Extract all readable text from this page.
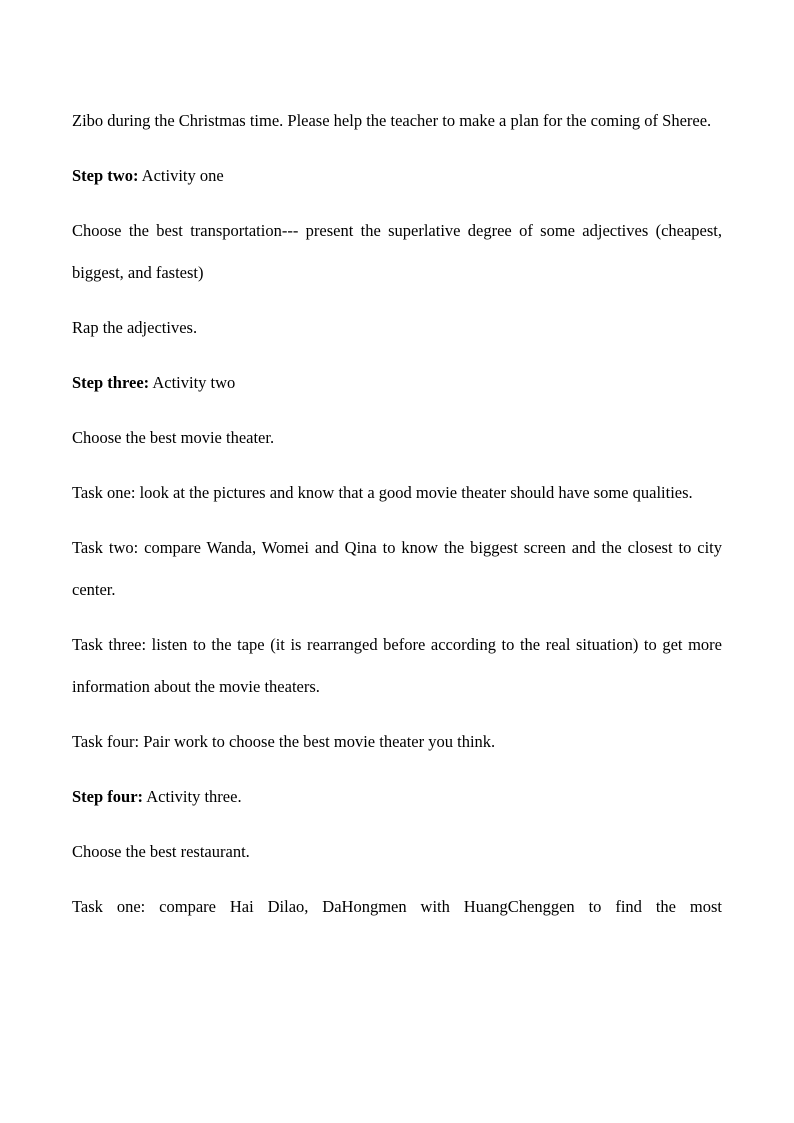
Zibo during the Christmas time. Please help the teacher to make a plan for the coming of Sheree.

Step two: Activity one

Choose the best transportation--- present the superlative degree of some adjectives (cheapest, biggest, and fastest)

Rap the adjectives.

Step three: Activity two

Choose the best movie theater.

Task one: look at the pictures and know that a good movie theater should have some qualities.

Task two: compare Wanda, Womei and Qina to know the biggest screen and the closest to city center.

Task three: listen to the tape (it is rearranged before according to the real situation) to get more information about the movie theaters.

Task four: Pair work to choose the best movie theater you think.

Step four: Activity three.

Choose the best restaurant.

Task one: compare Hai Dilao, DaHongmen with HuangChenggen to find the most
